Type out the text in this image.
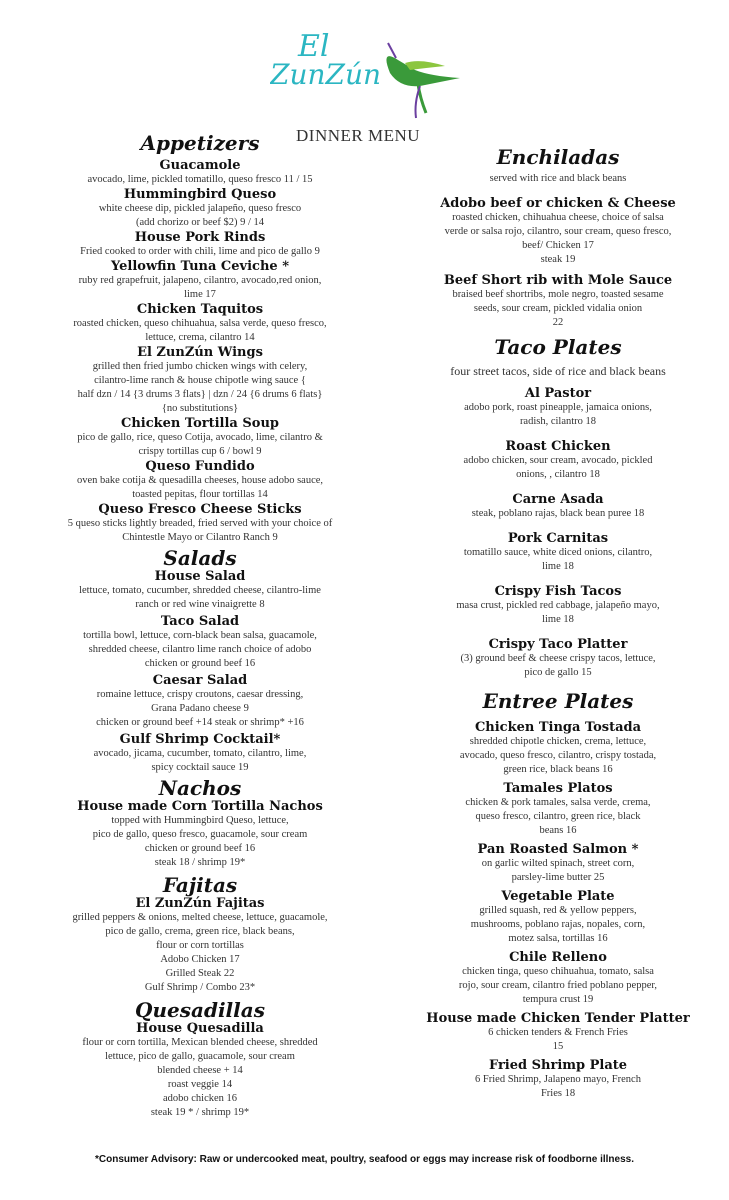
El
ZunZún
DINNER MENU
Appetizers
Guacamole
avocado, lime, pickled tomatillo, queso fresco 11 / 15
Hummingbird Queso
white cheese dip, pickled jalapeño, queso fresco
(add chorizo or beef $2) 9 / 14
House Pork Rinds
Fried cooked to order with chili, lime and pico de gallo 9
Yellowfin Tuna Ceviche *
ruby red grapefruit, jalapeno, cilantro, avocado,red onion,
lime 17
Chicken Taquitos
roasted chicken, queso chihuahua, salsa verde, queso fresco,
lettuce, crema, cilantro 14
El ZunZún Wings
grilled then fried jumbo chicken wings with celery,
cilantro-lime ranch & house chipotle wing sauce {
half dzn / 14 {3 drums 3 flats} | dzn / 24 {6 drums 6 flats}
{no substitutions}
Chicken Tortilla Soup
pico de gallo, rice, queso Cotija, avocado, lime, cilantro &
crispy tortillas cup 6 / bowl 9
Queso Fundido
oven bake cotija & quesadilla cheeses, house adobo sauce,
toasted pepitas, flour tortillas 14
Queso Fresco Cheese Sticks
5 queso sticks lightly breaded, fried served with your choice of
Chintestle Mayo or Cilantro Ranch 9
Salads
House Salad
lettuce, tomato, cucumber, shredded cheese, cilantro-lime
ranch or red wine vinaigrette 8
Taco Salad
tortilla bowl, lettuce, corn-black bean salsa, guacamole,
shredded cheese, cilantro lime ranch choice of adobo
chicken or ground beef 16
Caesar Salad
romaine lettuce, crispy croutons, caesar dressing,
Grana Padano cheese 9
chicken or ground beef +14 steak or shrimp* +16
Gulf Shrimp Cocktail*
avocado, jicama, cucumber, tomato, cilantro, lime,
spicy cocktail sauce 19
Nachos
House made Corn Tortilla Nachos
topped with Hummingbird Queso, lettuce,
pico de gallo, queso fresco, guacamole, sour cream
chicken or ground beef 16
steak 18 / shrimp 19*
Fajitas
El ZunZún Fajitas
grilled peppers & onions, melted cheese, lettuce, guacamole,
pico de gallo, crema, green rice, black beans,
flour or corn tortillas
Adobo Chicken 17
Grilled Steak 22
Gulf Shrimp / Combo 23*
Quesadillas
House Quesadilla
flour or corn tortilla, Mexican blended cheese, shredded
lettuce, pico de gallo, guacamole, sour cream
blended cheese + 14
roast veggie 14
adobo chicken 16
steak 19 * / shrimp 19*
Enchiladas
served with rice and black beans
Adobo beef or chicken & Cheese
roasted chicken, chihuahua cheese, choice of salsa
verde or salsa rojo, cilantro, sour cream, queso fresco,
beef/ Chicken 17
steak 19
Beef Short rib with Mole Sauce
braised beef shortribs, mole negro, toasted sesame
seeds, sour cream, pickled vidalia onion
22
Taco Plates
four street tacos, side of rice and black beans
Al Pastor
adobo pork, roast pineapple, jamaica onions,
radish, cilantro 18
Roast Chicken
adobo chicken, sour cream, avocado, pickled
onions, , cilantro 18
Carne Asada
steak, poblano rajas, black bean puree 18
Pork Carnitas
tomatillo sauce, white diced onions, cilantro,
lime 18
Crispy Fish Tacos
masa crust, pickled red cabbage, jalapeño mayo,
lime 18
Crispy Taco Platter
(3) ground beef & cheese crispy tacos, lettuce,
pico de gallo 15
Entree Plates
Chicken Tinga Tostada
shredded chipotle chicken, crema, lettuce,
avocado, queso fresco, cilantro, crispy tostada,
green rice, black beans 16
Tamales Platos
chicken & pork tamales, salsa verde, crema,
queso fresco, cilantro, green rice, black
beans 16
Pan Roasted Salmon *
on garlic wilted spinach, street corn,
parsley-lime butter 25
Vegetable Plate
grilled squash, red & yellow peppers,
mushrooms, poblano rajas, nopales, corn,
motez salsa, tortillas 16
Chile Relleno
chicken tinga, queso chihuahua, tomato, salsa
rojo, sour cream, cilantro fried poblano pepper,
tempura crust 19
House made Chicken Tender Platter
6 chicken tenders & French Fries
15
Fried Shrimp Plate
6 Fried Shrimp, Jalapeno mayo, French
Fries 18
*Consumer Advisory: Raw or undercooked meat, poultry, seafood or eggs may increase risk of foodborne illness.
